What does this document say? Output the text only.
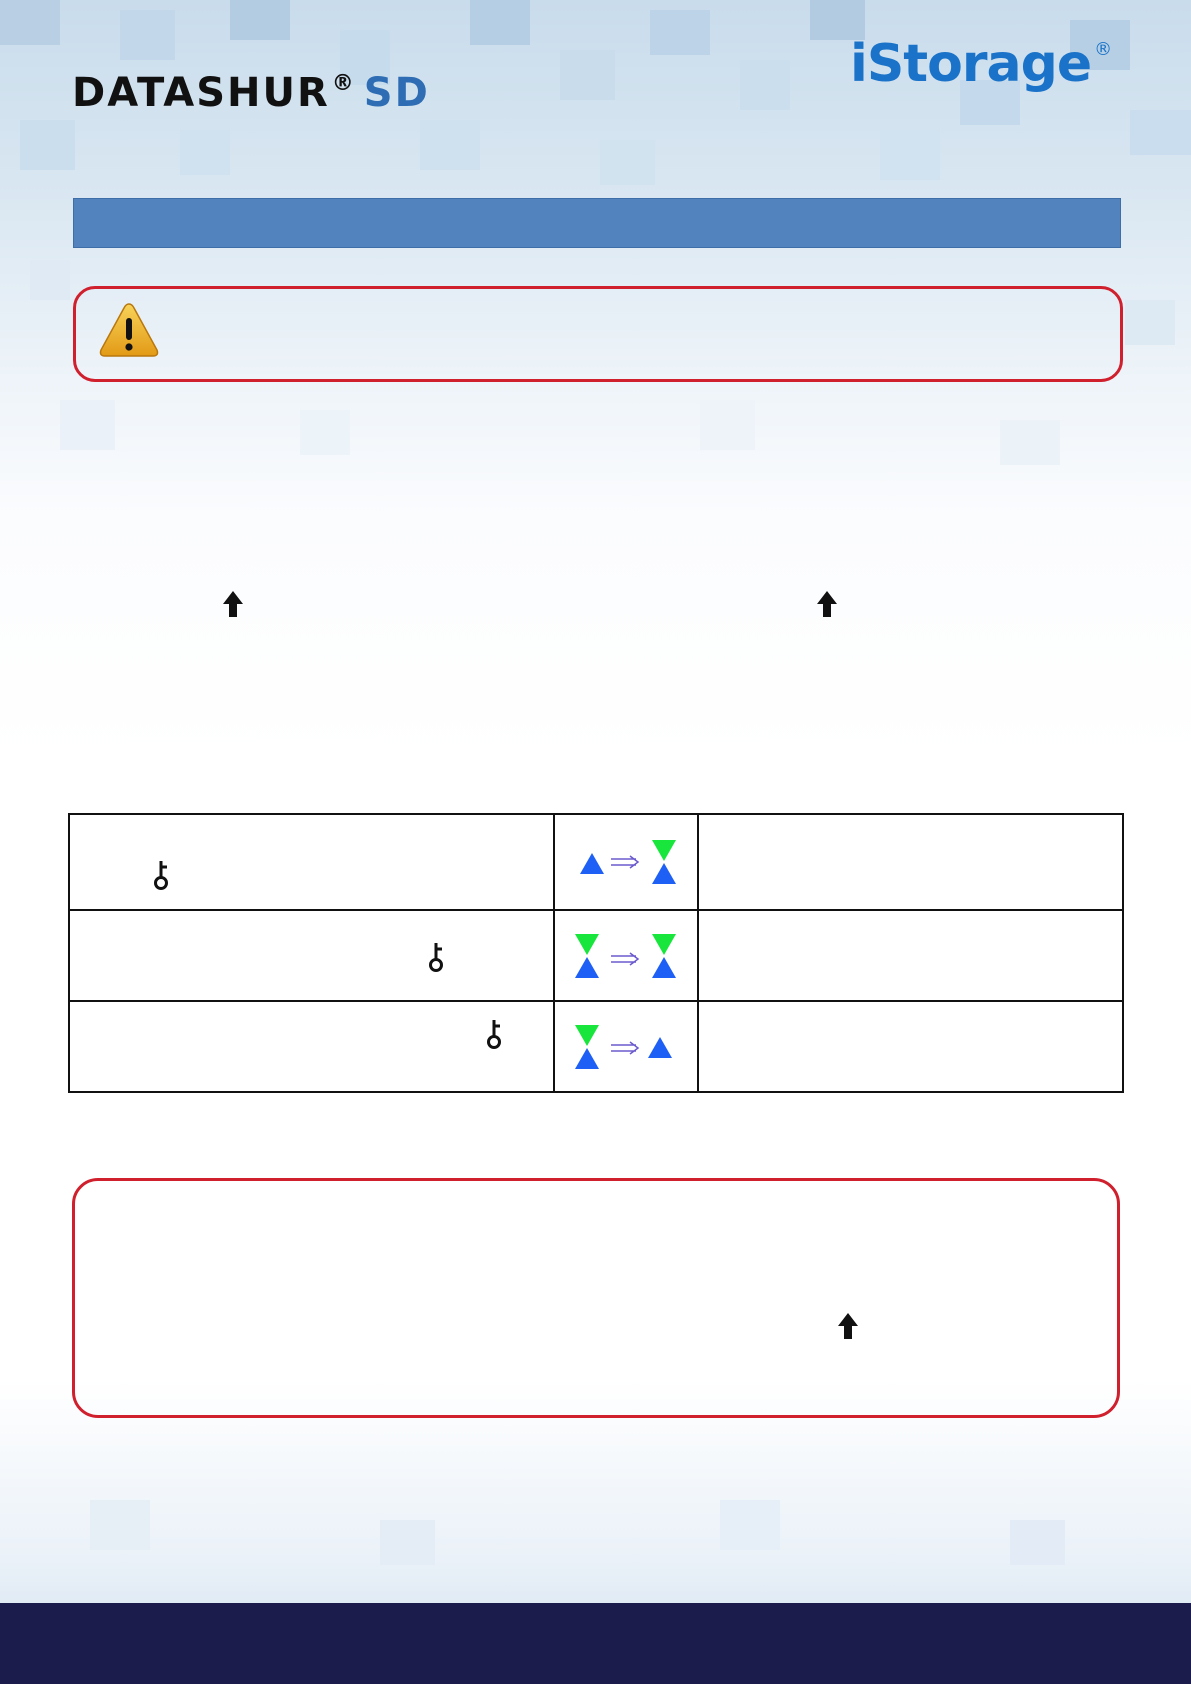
DATASHUR® SD	iStorage ®
